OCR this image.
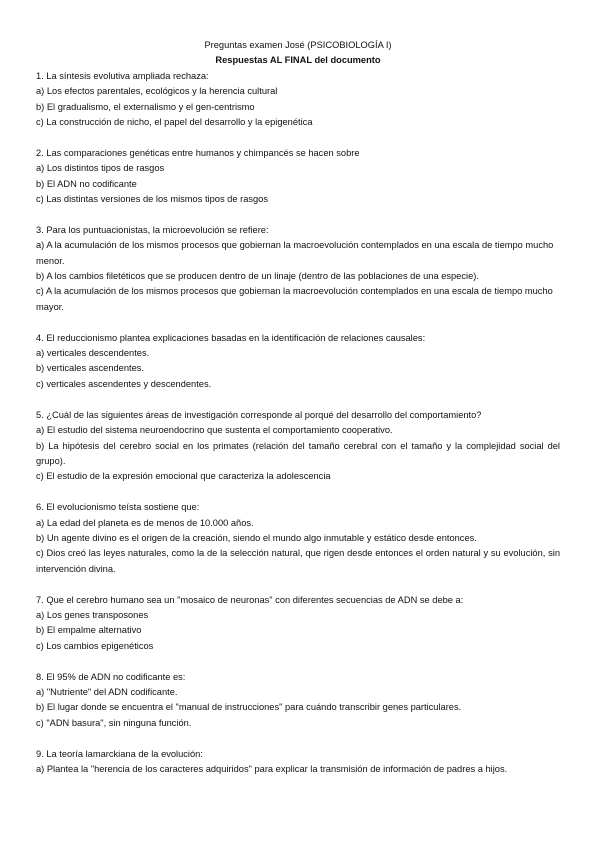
Preguntas examen José (PSICOBIOLOGÍA I)

Respuestas AL FINAL del documento

1. La síntesis evolutiva ampliada rechaza:

a) Los efectos parentales, ecológicos y la herencia cultural

b) El gradualismo, el externalismo y el gen-centrismo

c) La construcción de nicho, el papel del desarrollo y la epigenética

2. Las comparaciones genéticas entre humanos y chimpancés se hacen sobre

a) Los distintos tipos de rasgos

b) El ADN no codificante

c) Las distintas versiones de los mismos tipos de rasgos

3. Para los puntuacionistas, la microevolución se refiere:

a) A la acumulación de los mismos procesos que gobiernan la macroevolución contemplados en una escala de tiempo mucho menor.

b) A los cambios filetéticos que se producen dentro de un linaje (dentro de las poblaciones de una especie).

c) A la acumulación de los mismos procesos que gobiernan la macroevolución contemplados en una escala de tiempo mucho mayor.

4. El reduccionismo plantea explicaciones basadas en la identificación de relaciones causales:

a) verticales descendentes.

b) verticales ascendentes.

c) verticales ascendentes y descendentes.

5. ¿Cuál de las siguientes áreas de investigación corresponde al porqué del desarrollo del comportamiento?

a) El estudio del sistema neuroendocrino que sustenta el comportamiento cooperativo.

b) La hipótesis del cerebro social en los primates (relación del tamaño cerebral con el tamaño y la complejidad social del grupo).

c) El estudio de la expresión emocional que caracteriza la adolescencia

6. El evolucionismo teísta sostiene que:

a) La edad del planeta es de menos de 10.000 años.

b) Un agente divino es el origen de la creación, siendo el mundo algo inmutable y estático desde entonces.

c) Dios creó las leyes naturales, como la de la selección natural, que rigen desde entonces el orden natural y su evolución, sin intervención divina.

7. Que el cerebro humano sea un "mosaico de neuronas" con diferentes secuencias de ADN se debe a:

a) Los genes transposones

b) El empalme alternativo

c) Los cambios epigenéticos

8. El 95% de ADN no codificante es:

a) "Nutriente" del ADN codificante.

b) El lugar donde se encuentra el "manual de instrucciones" para cuándo transcribir genes particulares.

c) "ADN basura", sin ninguna función.

9. La teoría lamarckiana de la evolución:

a) Plantea la "herencia de los caracteres adquiridos" para explicar la transmisión de información de padres a hijos.
